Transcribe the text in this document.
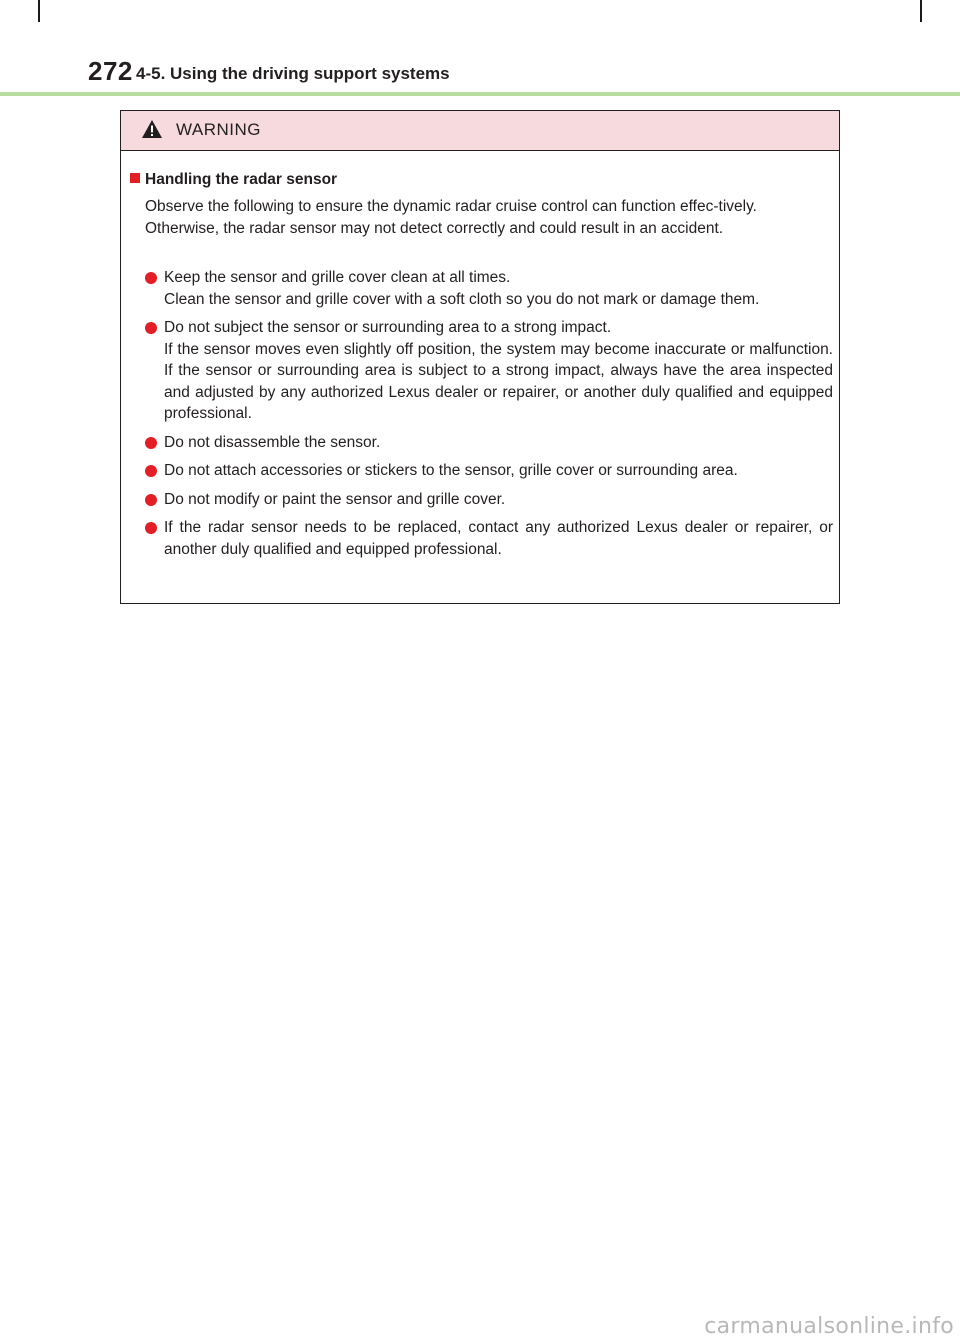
272 4-5. Using the driving support systems
WARNING
Handling the radar sensor

Observe the following to ensure the dynamic radar cruise control can function effec-tively.

Otherwise, the radar sensor may not detect correctly and could result in an accident.

Keep the sensor and grille cover clean at all times.

Clean the sensor and grille cover with a soft cloth so you do not mark or damage them.

Do not subject the sensor or surrounding area to a strong impact.

If the sensor moves even slightly off position, the system may become inaccurate or malfunction. If the sensor or surrounding area is subject to a strong impact, always have the area inspected and adjusted by any authorized Lexus dealer or repairer, or another duly qualified and equipped professional.

Do not disassemble the sensor.

Do not attach accessories or stickers to the sensor, grille cover or surrounding area.

Do not modify or paint the sensor and grille cover.

If the radar sensor needs to be replaced, contact any authorized Lexus dealer or repairer, or another duly qualified and equipped professional.

carmanualsonline.info
